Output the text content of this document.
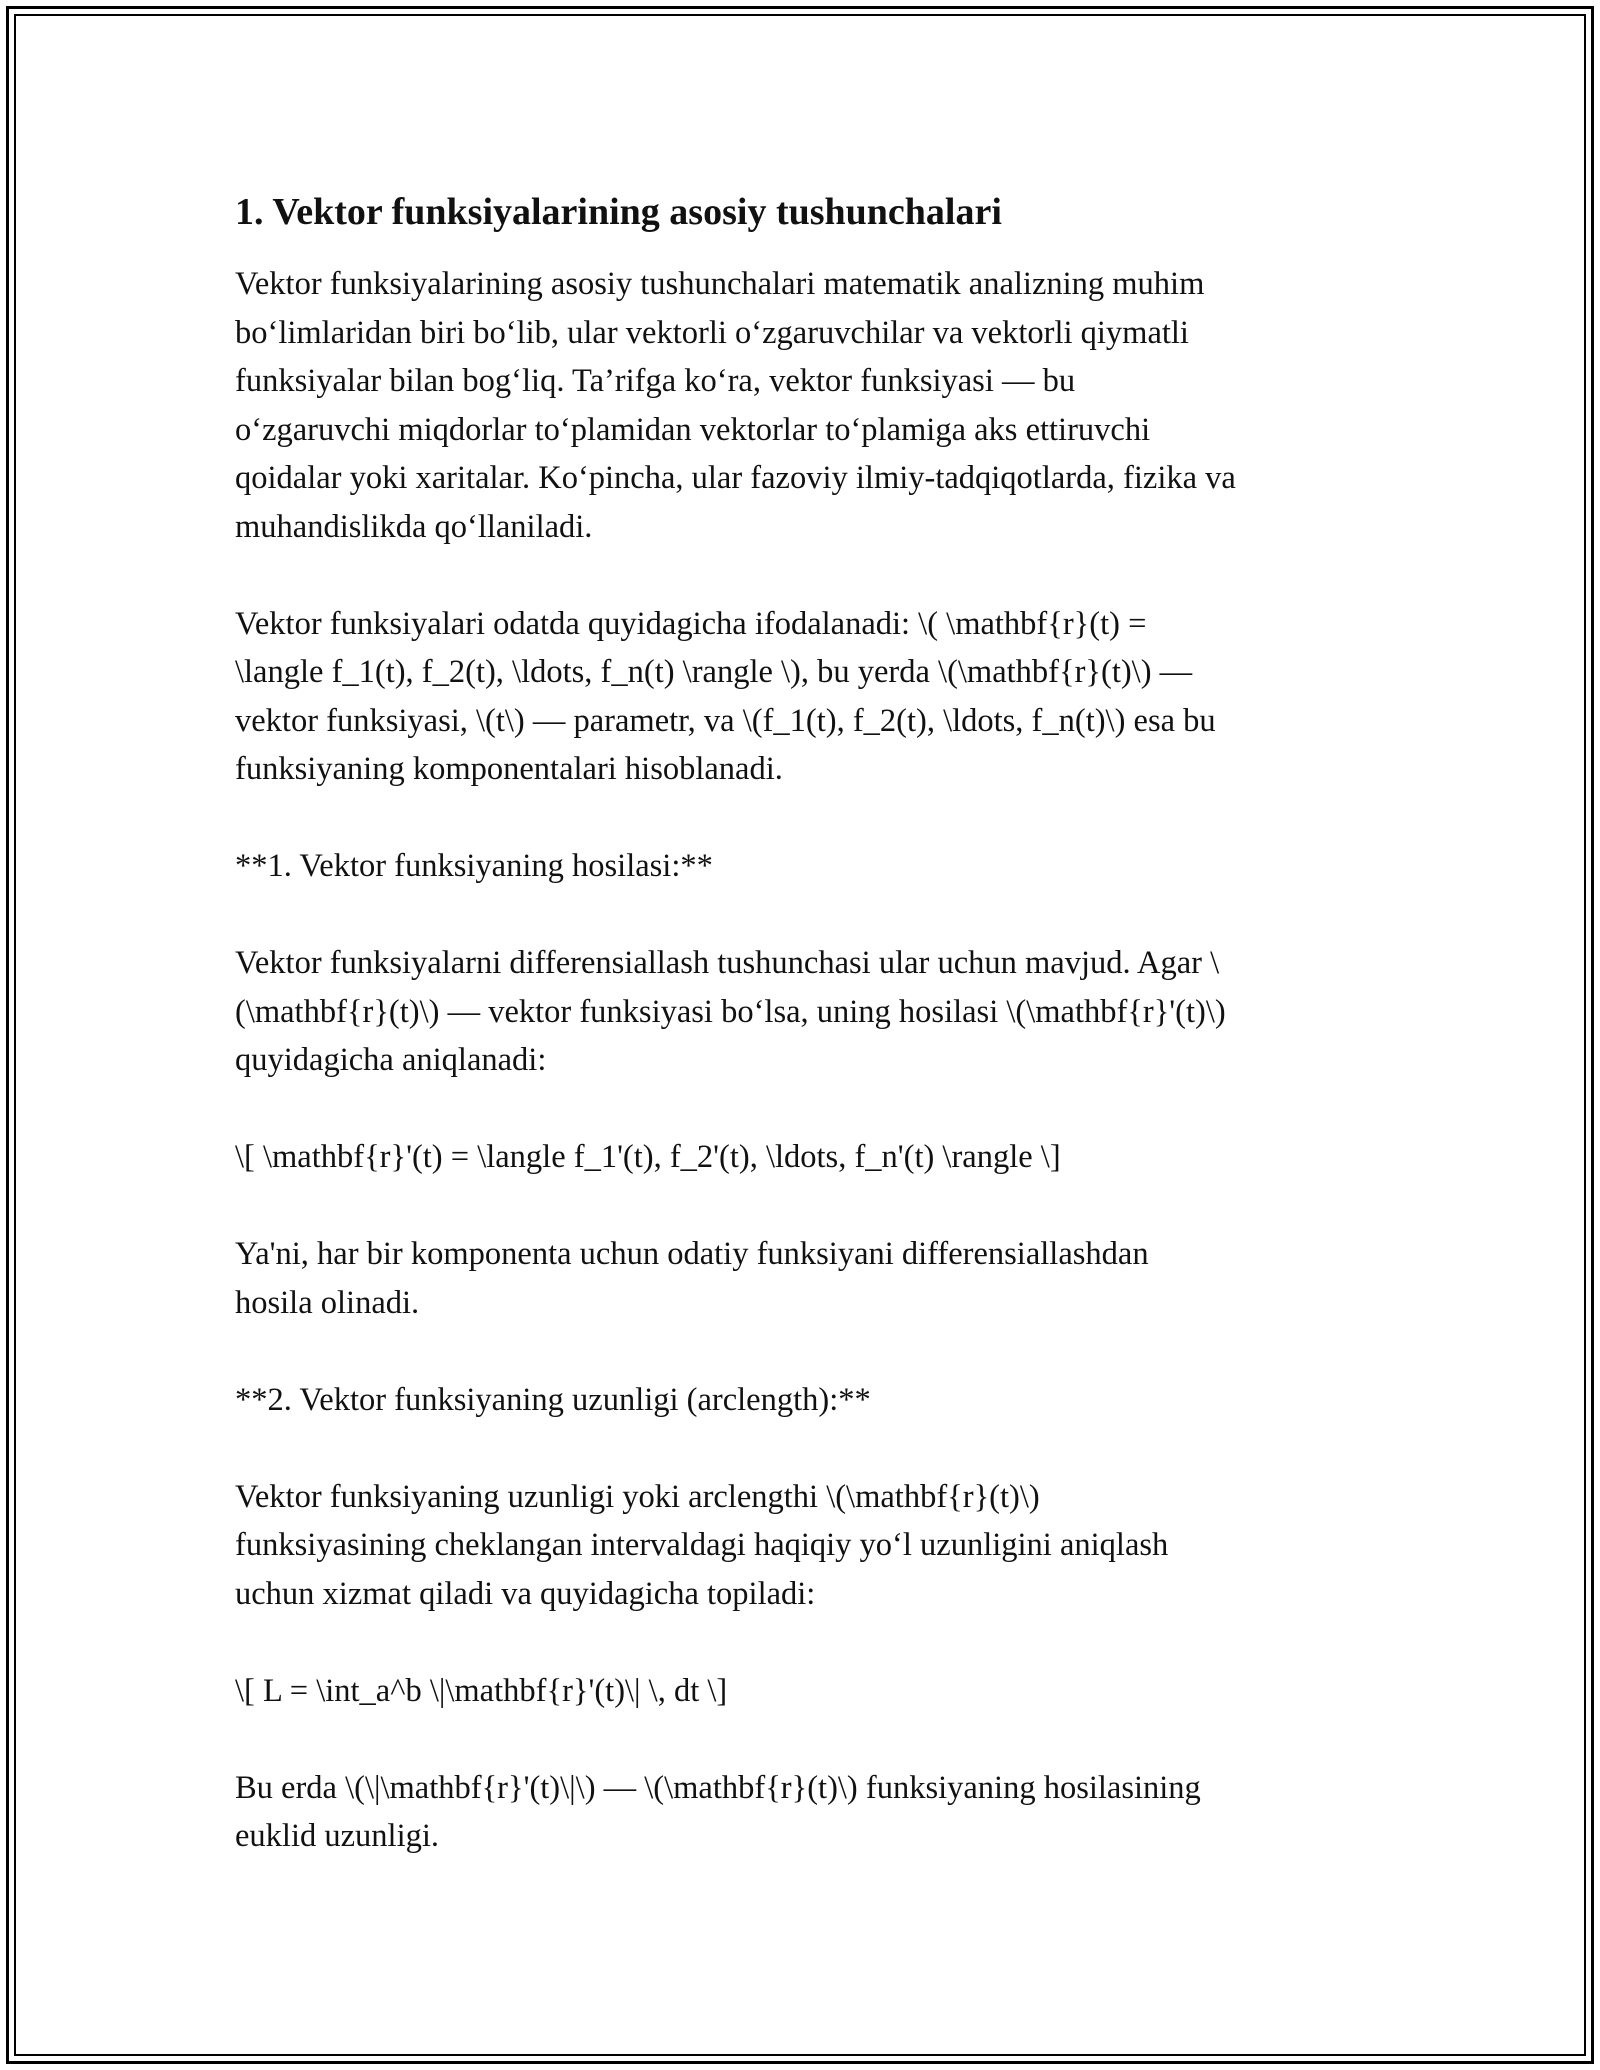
1. Vektor funksiyalarining asosiy tushunchalari

Vektor funksiyalarining asosiy tushunchalari matematik analizning muhim
bo‘limlaridan biri bo‘lib, ular vektorli o‘zgaruvchilar va vektorli qiymatli
funksiyalar bilan bog‘liq. Ta’rifga ko‘ra, vektor funksiyasi — bu
o‘zgaruvchi miqdorlar to‘plamidan vektorlar to‘plamiga aks ettiruvchi
qoidalar yoki xaritalar. Ko‘pincha, ular fazoviy ilmiy-tadqiqotlarda, fizika va
muhandislikda qo‘llaniladi.

Vektor funksiyalari odatda quyidagicha ifodalanadi: \( \mathbf{r}(t) =
\langle f_1(t), f_2(t), \ldots, f_n(t) \rangle \), bu yerda \(\mathbf{r}(t)\) —
vektor funksiyasi, \(t\) — parametr, va \(f_1(t), f_2(t), \ldots, f_n(t)\) esa bu
funksiyaning komponentalari hisoblanadi.

**1. Vektor funksiyaning hosilasi:**

Vektor funksiyalarni differensiallash tushunchasi ular uchun mavjud. Agar \
(\mathbf{r}(t)\) — vektor funksiyasi bo‘lsa, uning hosilasi \(\mathbf{r}'(t)\)
quyidagicha aniqlanadi:

\[ \mathbf{r}'(t) = \langle f_1'(t), f_2'(t), \ldots, f_n'(t) \rangle \]

Ya'ni, har bir komponenta uchun odatiy funksiyani differensiallashdan
hosila olinadi.

**2. Vektor funksiyaning uzunligi (arclength):**

Vektor funksiyaning uzunligi yoki arclengthi \(\mathbf{r}(t)\)
funksiyasining cheklangan intervaldagi haqiqiy yo‘l uzunligini aniqlash
uchun xizmat qiladi va quyidagicha topiladi:

\[ L = \int_a^b \|\mathbf{r}'(t)\| \, dt \]

Bu erda \(\|\mathbf{r}'(t)\|\) — \(\mathbf{r}(t)\) funksiyaning hosilasining
euklid uzunligi.
